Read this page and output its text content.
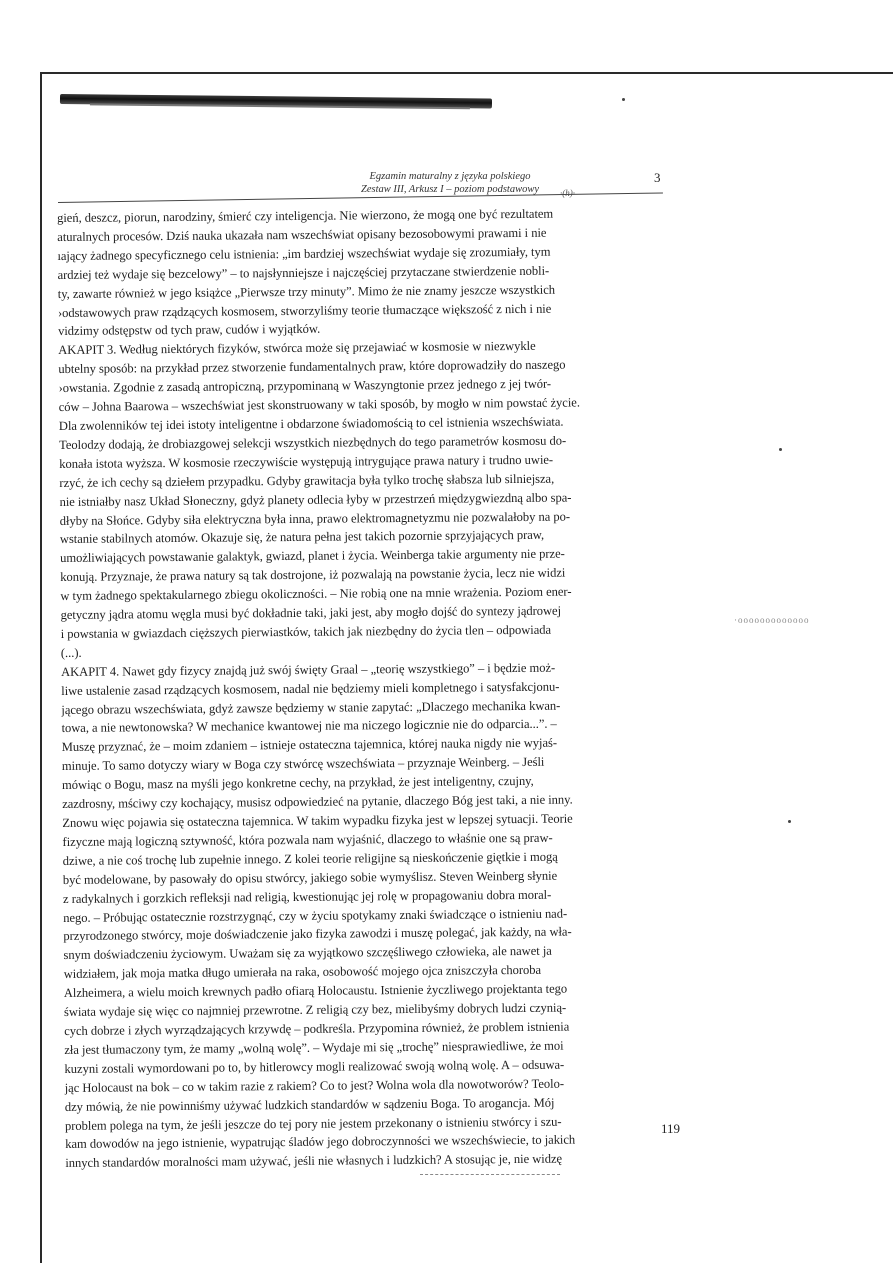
Egzamin maturalny z języka polskiego
Zestaw III, Arkusz I – poziom podstawowy
3
·(h)·
gień, deszcz, piorun, narodziny, śmierć czy inteligencja. Nie wierzono, że mogą one być rezultatem
aturalnych procesów. Dziś nauka ukazała nam wszechświat opisany bezosobowymi prawami i nie
ıający żadnego specyficznego celu istnienia: „im bardziej wszechświat wydaje się zrozumiały, tym
ardziej też wydaje się bezcelowy” – to najsłynniejsze i najczęściej przytaczane stwierdzenie nobli-
ty, zawarte również w jego książce „Pierwsze trzy minuty”. Mimo że nie znamy jeszcze wszystkich
›odstawowych praw rządzących kosmosem, stworzyliśmy teorie tłumaczące większość z nich i nie
vidzimy odstępstw od tych praw, cudów i wyjątków.
AKAPIT 3. Według niektórych fizyków, stwórca może się przejawiać w kosmosie w niezwykle
ubtelny sposób: na przykład przez stworzenie fundamentalnych praw, które doprowadziły do naszego
›owstania. Zgodnie z zasadą antropiczną, przypominaną w Waszyngtonie przez jednego z jej twór-
ców – Johna Baarowa – wszechświat jest skonstruowany w taki sposób, by mogło w nim powstać życie.
Dla zwolenników tej idei istoty inteligentne i obdarzone świadomością to cel istnienia wszechświata.
Teolodzy dodają, że drobiazgowej selekcji wszystkich niezbędnych do tego parametrów kosmosu do-
konała istota wyższa. W kosmosie rzeczywiście występują intrygujące prawa natury i trudno uwie-
rzyć, że ich cechy są dziełem przypadku. Gdyby grawitacja była tylko trochę słabsza lub silniejsza,
nie istniałby nasz Układ Słoneczny, gdyż planety odlecia łyby w przestrzeń międzygwiezdną albo spa-
dłyby na Słońce. Gdyby siła elektryczna była inna, prawo elektromagnetyzmu nie pozwalałoby na po-
wstanie stabilnych atomów. Okazuje się, że natura pełna jest takich pozornie sprzyjających praw,
umożliwiających powstawanie galaktyk, gwiazd, planet i życia. Weinberga takie argumenty nie prze-
konują. Przyznaje, że prawa natury są tak dostrojone, iż pozwalają na powstanie życia, lecz nie widzi
w tym żadnego spektakularnego zbiegu okoliczności. – Nie robią one na mnie wrażenia. Poziom ener-
getyczny jądra atomu węgla musi być dokładnie taki, jaki jest, aby mogło dojść do syntezy jądrowej
i powstania w gwiazdach cięższych pierwiastków, takich jak niezbędny do życia tlen – odpowiada
(...).
AKAPIT 4. Nawet gdy fizycy znajdą już swój święty Graal – „teorię wszystkiego” – i będzie moż-
liwe ustalenie zasad rządzących kosmosem, nadal nie będziemy mieli kompletnego i satysfakcjonu-
jącego obrazu wszechświata, gdyż zawsze będziemy w stanie zapytać: „Dlaczego mechanika kwan-
towa, a nie newtonowska? W mechanice kwantowej nie ma niczego logicznie nie do odparcia...”. –
Muszę przyznać, że – moim zdaniem – istnieje ostateczna tajemnica, której nauka nigdy nie wyjaś-
minuje. To samo dotyczy wiary w Boga czy stwórcę wszechświata – przyznaje Weinberg. – Jeśli
mówiąc o Bogu, masz na myśli jego konkretne cechy, na przykład, że jest inteligentny, czujny,
zazdrosny, mściwy czy kochający, musisz odpowiedzieć na pytanie, dlaczego Bóg jest taki, a nie inny.
Znowu więc pojawia się ostateczna tajemnica. W takim wypadku fizyka jest w lepszej sytuacji. Teorie
fizyczne mają logiczną sztywność, która pozwala nam wyjaśnić, dlaczego to właśnie one są praw-
dziwe, a nie coś trochę lub zupełnie innego. Z kolei teorie religijne są nieskończenie giętkie i mogą
być modelowane, by pasowały do opisu stwórcy, jakiego sobie wymyślisz. Steven Weinberg słynie
z radykalnych i gorzkich refleksji nad religią, kwestionując jej rolę w propagowaniu dobra moral-
nego. – Próbując ostatecznie rozstrzygnąć, czy w życiu spotykamy znaki świadczące o istnieniu nad-
przyrodzonego stwórcy, moje doświadczenie jako fizyka zawodzi i muszę polegać, jak każdy, na wła-
snym doświadczeniu życiowym. Uważam się za wyjątkowo szczęśliwego człowieka, ale nawet ja
widziałem, jak moja matka długo umierała na raka, osobowość mojego ojca zniszczyła choroba
Alzheimera, a wielu moich krewnych padło ofiarą Holocaustu. Istnienie życzliwego projektanta tego
świata wydaje się więc co najmniej przewrotne. Z religią czy bez, mielibyśmy dobrych ludzi czynią-
cych dobrze i złych wyrządzających krzywdę – podkreśla. Przypomina również, że problem istnienia
zła jest tłumaczony tym, że mamy „wolną wolę”. – Wydaje mi się „trochę” niesprawiedliwe, że moi
kuzyni zostali wymordowani po to, by hitlerowcy mogli realizować swoją wolną wolę. A – odsuwa-
jąc Holocaust na bok – co w takim razie z rakiem? Co to jest? Wolna wola dla nowotworów? Teolo-
dzy mówią, że nie powinniśmy używać ludzkich standardów w sądzeniu Boga. To arogancja. Mój
problem polega na tym, że jeśli jeszcze do tej pory nie jestem przekonany o istnieniu stwórcy i szu-
kam dowodów na jego istnienie, wypatrując śladów jego dobroczynności we wszechświecie, to jakich
innych standardów moralności mam używać, jeśli nie własnych i ludzkich? A stosując je, nie widzę
·ooooooooooooo
119
